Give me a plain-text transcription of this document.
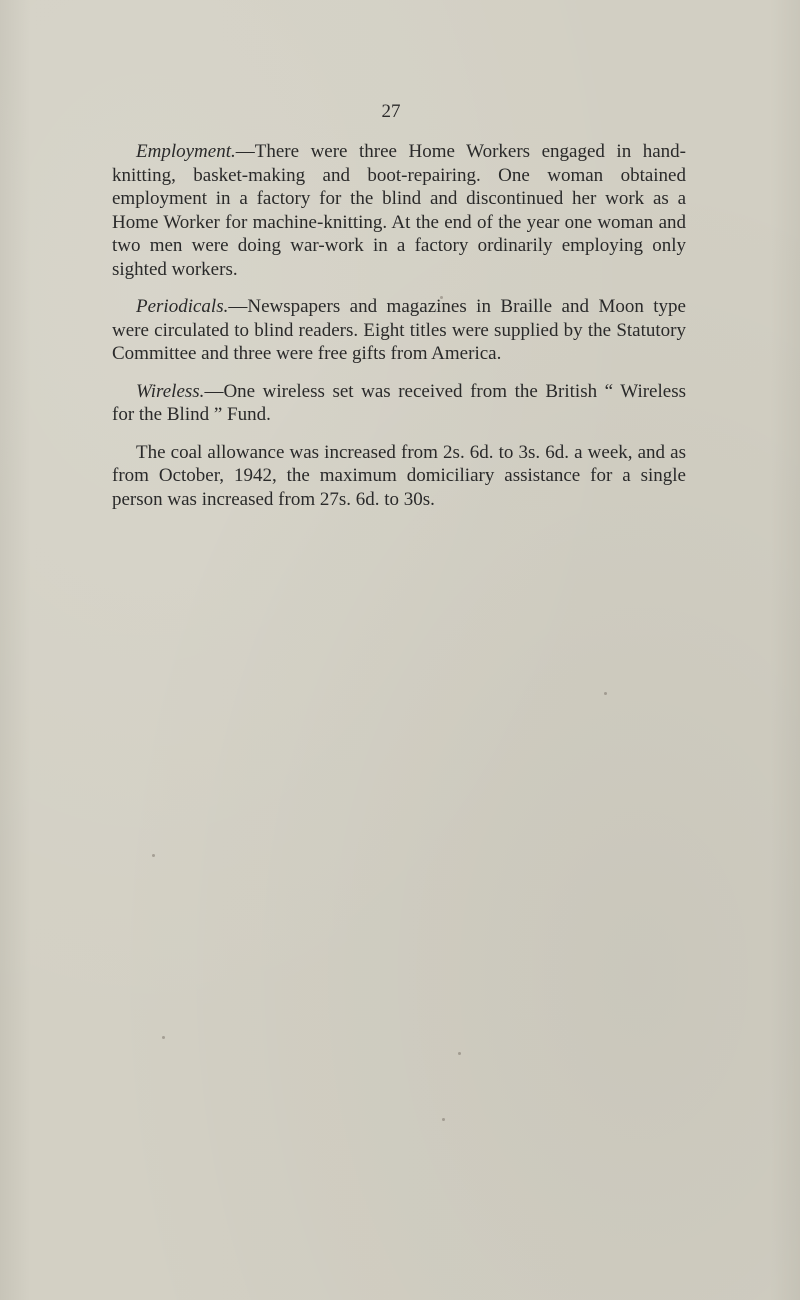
27

Employment.—There were three Home Workers engaged in hand-knitting, basket-making and boot-repairing. One woman obtained employment in a factory for the blind and discontinued her work as a Home Worker for machine-knitting. At the end of the year one woman and two men were doing war-work in a factory ordinarily employing only sighted workers.

Periodicals.—Newspapers and magazines in Braille and Moon type were circulated to blind readers. Eight titles were supplied by the Statutory Committee and three were free gifts from America.

Wireless.—One wireless set was received from the British “ Wireless for the Blind ” Fund.

The coal allowance was increased from 2s. 6d. to 3s. 6d. a week, and as from October, 1942, the maximum domiciliary assistance for a single person was increased from 27s. 6d. to 30s.
